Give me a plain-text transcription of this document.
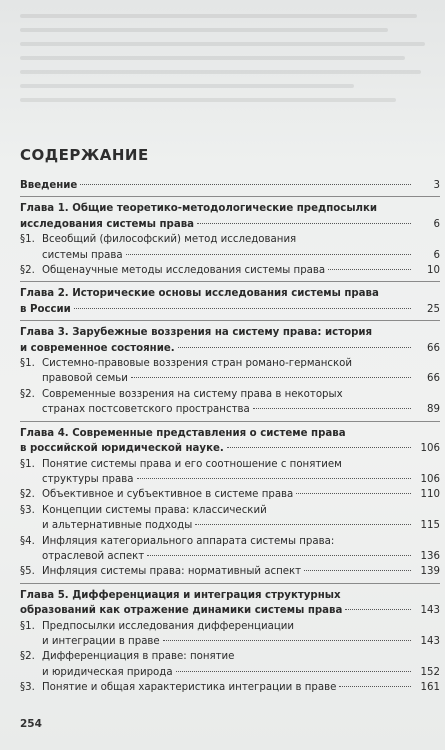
СОДЕРЖАНИЕ
Введение	3
Глава 1. Общие теоретико-методологические предпосылки
исследования системы права	6
§1. Всеобщий (философский) метод исследования
системы права	6
§2. Общенаучные методы исследования системы права	10
Глава 2. Исторические основы исследования системы права
в России	25
Глава 3. Зарубежные воззрения на систему права: история
и современное состояние.	66
§1. Системно-правовые воззрения стран романо-германской
правовой семьи	66
§2. Современные воззрения на систему права в некоторых
странах постсоветского пространства	89
Глава 4. Современные представления о системе права
в российской юридической науке.	106
§1. Понятие системы права и его соотношение с понятием
структуры права	106
§2. Объективное и субъективное в системе права	110
§3. Концепции системы права: классический
и альтернативные подходы	115
§4. Инфляция категориального аппарата системы права:
отраслевой аспект	136
§5. Инфляция системы права: нормативный аспект	139
Глава 5. Дифференциация и интеграция структурных
образований как отражение динамики системы права	143
§1. Предпосылки исследования дифференциации
и интеграции в праве	143
§2. Дифференциация в праве: понятие
и юридическая природа	152
§3. Понятие и общая характеристика интеграции в праве	161
254
